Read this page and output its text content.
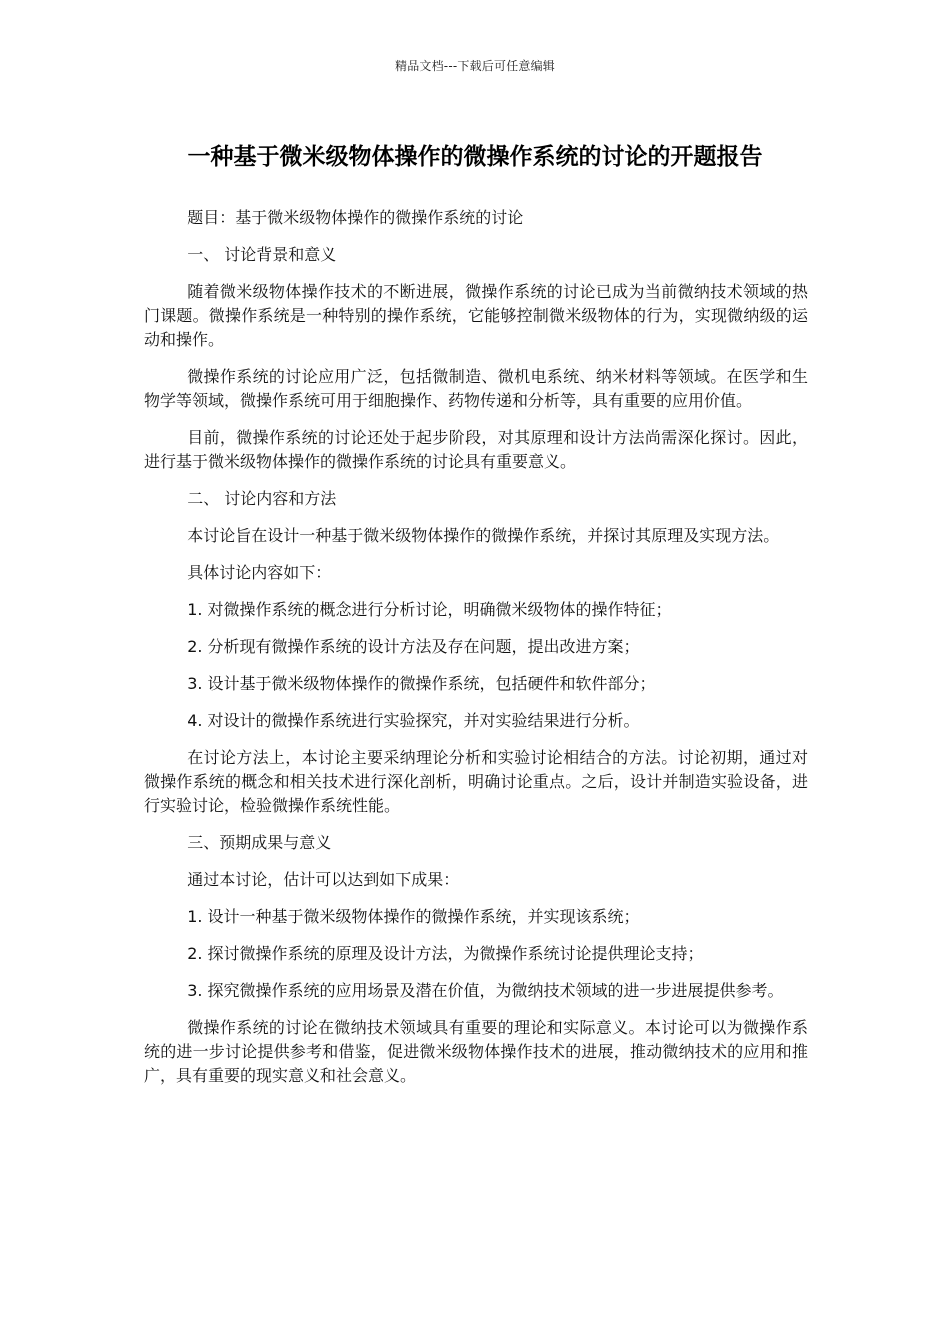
精品文档---下载后可任意编辑
一种基于微米级物体操作的微操作系统的讨论的开题报告

题目：基于微米级物体操作的微操作系统的讨论

一、 讨论背景和意义

随着微米级物体操作技术的不断进展，微操作系统的讨论已成为当前微纳技术领域的热门课题。微操作系统是一种特别的操作系统，它能够控制微米级物体的行为，实现微纳级的运动和操作。

微操作系统的讨论应用广泛，包括微制造、微机电系统、纳米材料等领域。在医学和生物学等领域，微操作系统可用于细胞操作、药物传递和分析等，具有重要的应用价值。

目前，微操作系统的讨论还处于起步阶段，对其原理和设计方法尚需深化探讨。因此，进行基于微米级物体操作的微操作系统的讨论具有重要意义。

二、 讨论内容和方法

本讨论旨在设计一种基于微米级物体操作的微操作系统，并探讨其原理及实现方法。

具体讨论内容如下：

1. 对微操作系统的概念进行分析讨论，明确微米级物体的操作特征；

2. 分析现有微操作系统的设计方法及存在问题，提出改进方案；

3. 设计基于微米级物体操作的微操作系统，包括硬件和软件部分；

4. 对设计的微操作系统进行实验探究，并对实验结果进行分析。

在讨论方法上，本讨论主要采纳理论分析和实验讨论相结合的方法。讨论初期，通过对微操作系统的概念和相关技术进行深化剖析，明确讨论重点。之后，设计并制造实验设备，进行实验讨论，检验微操作系统性能。

三、预期成果与意义

通过本讨论，估计可以达到如下成果：

1. 设计一种基于微米级物体操作的微操作系统，并实现该系统；

2. 探讨微操作系统的原理及设计方法，为微操作系统讨论提供理论支持；

3. 探究微操作系统的应用场景及潜在价值，为微纳技术领域的进一步进展提供参考。

微操作系统的讨论在微纳技术领域具有重要的理论和实际意义。本讨论可以为微操作系统的进一步讨论提供参考和借鉴，促进微米级物体操作技术的进展，推动微纳技术的应用和推广，具有重要的现实意义和社会意义。
